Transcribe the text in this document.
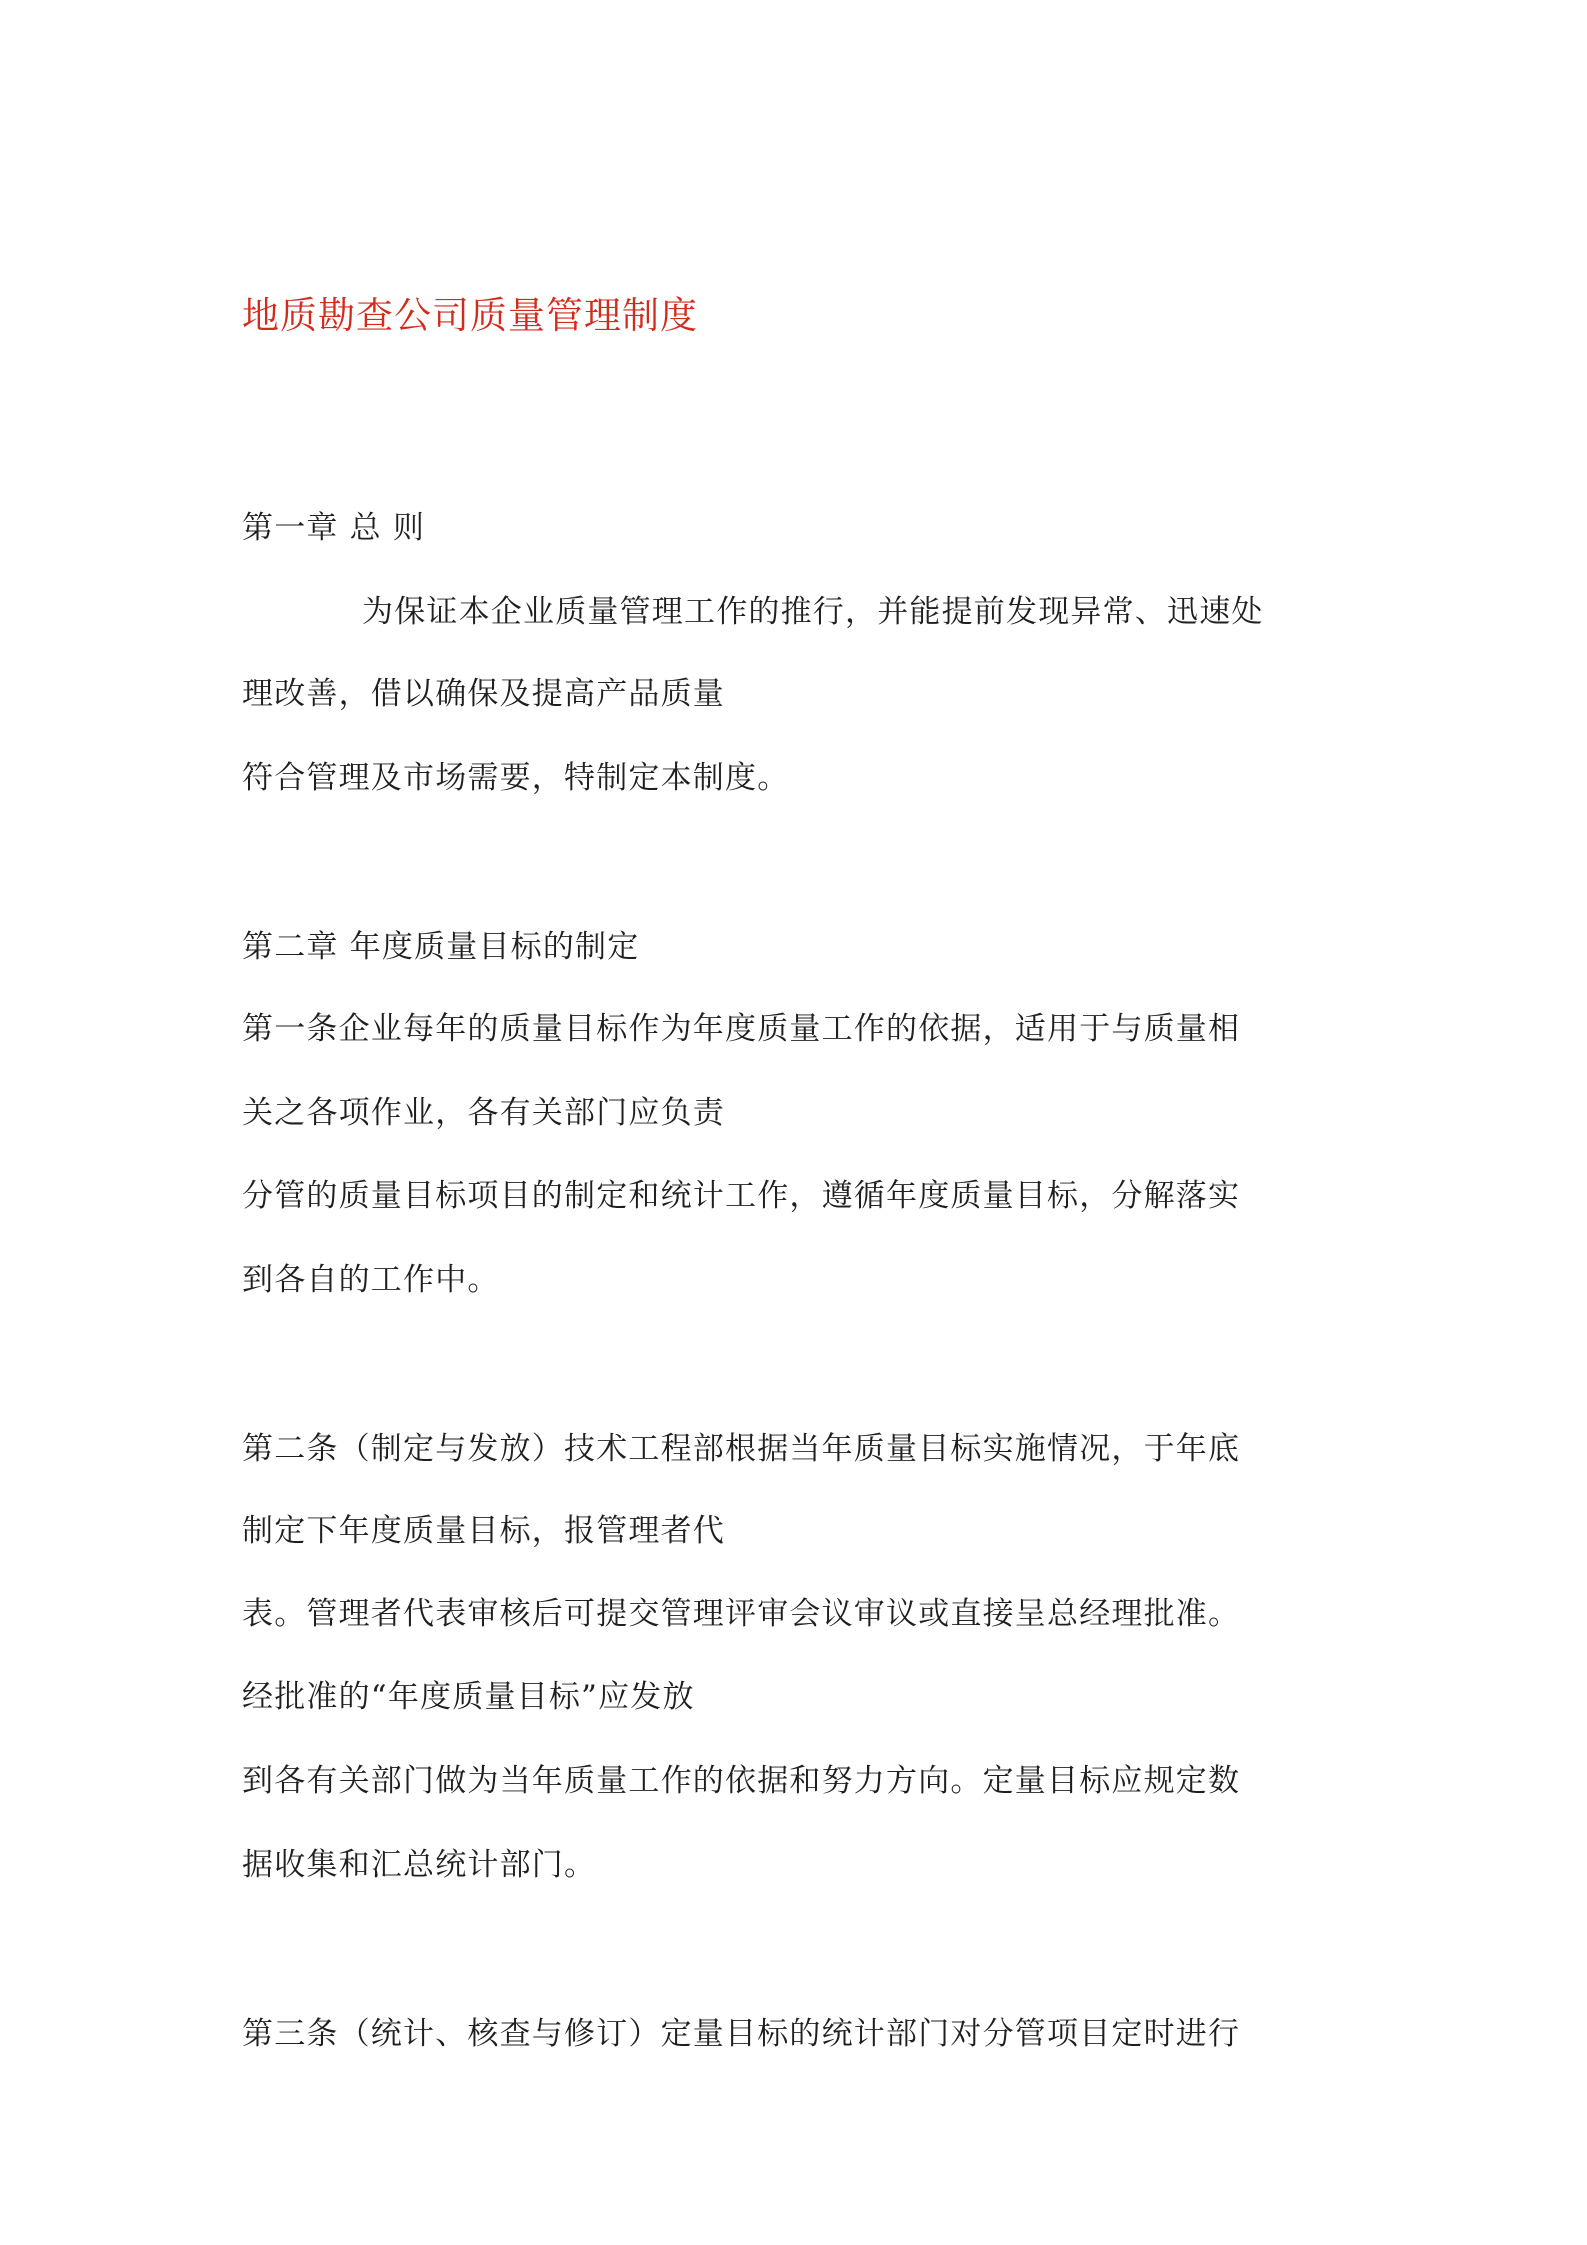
地质勘查公司质量管理制度
第一章 总 则
为保证本企业质量管理工作的推行，并能提前发现异常、迅速处
理改善，借以确保及提高产品质量
符合管理及市场需要，特制定本制度。
第二章 年度质量目标的制定
第一条企业每年的质量目标作为年度质量工作的依据，适用于与质量相
关之各项作业，各有关部门应负责
分管的质量目标项目的制定和统计工作，遵循年度质量目标，分解落实
到各自的工作中。
第二条（制定与发放）技术工程部根据当年质量目标实施情况，于年底
制定下年度质量目标，报管理者代
表。管理者代表审核后可提交管理评审会议审议或直接呈总经理批准。
经批准的“年度质量目标”应发放
到各有关部门做为当年质量工作的依据和努力方向。定量目标应规定数
据收集和汇总统计部门。
第三条（统计、核查与修订）定量目标的统计部门对分管项目定时进行
